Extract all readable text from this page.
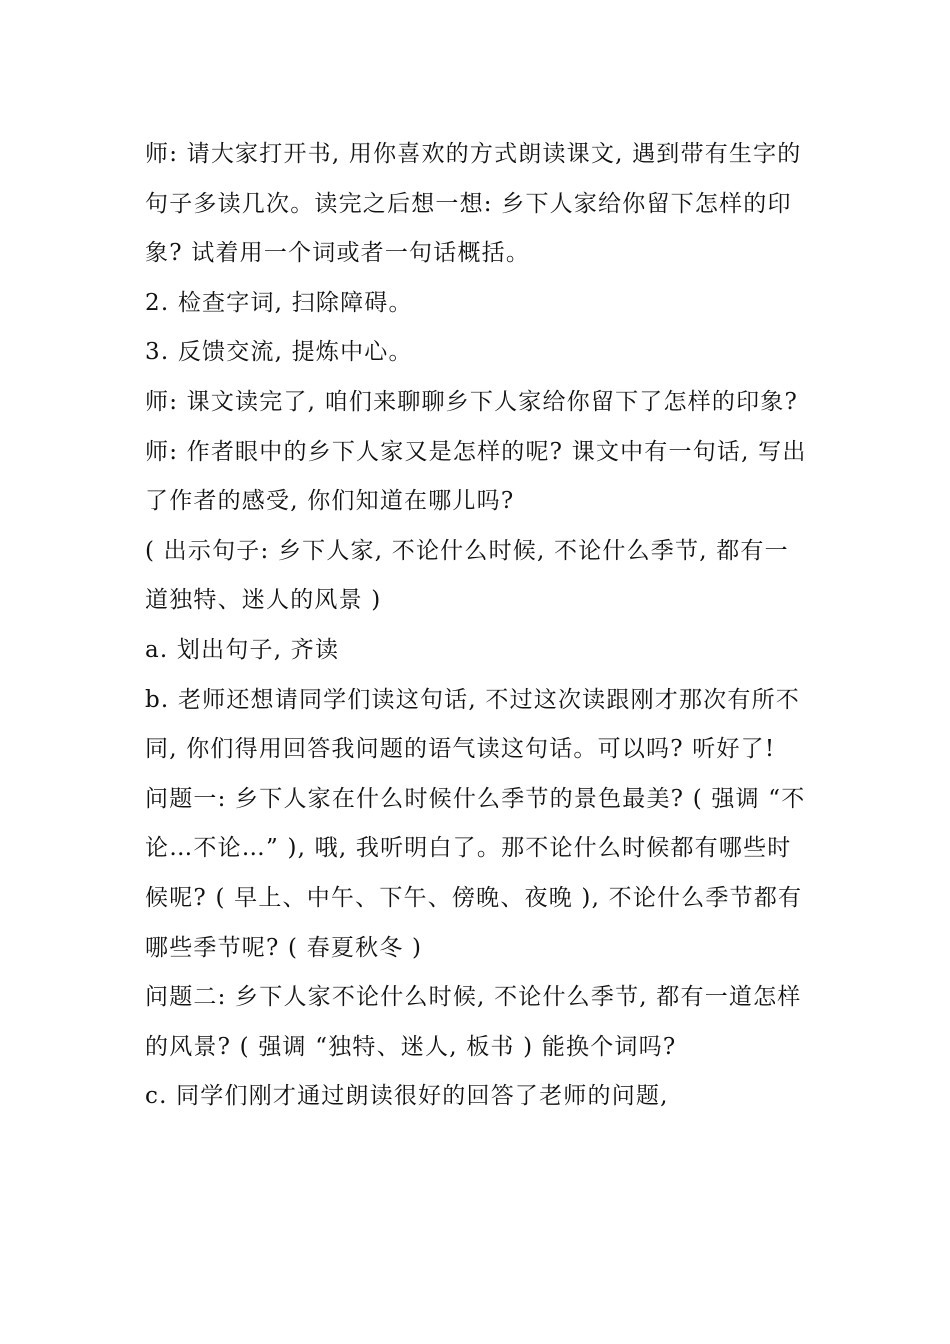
师: 请大家打开书, 用你喜欢的方式朗读课文, 遇到带有生字的句子多读几次。读完之后想一想: 乡下人家给你留下怎样的印象? 试着用一个词或者一句话概括。

2. 检查字词, 扫除障碍。

3. 反馈交流, 提炼中心。

师: 课文读完了, 咱们来聊聊乡下人家给你留下了怎样的印象?

师: 作者眼中的乡下人家又是怎样的呢? 课文中有一句话, 写出了作者的感受, 你们知道在哪儿吗?

( 出示句子: 乡下人家, 不论什么时候, 不论什么季节, 都有一道独特、迷人的风景 )

a. 划出句子, 齐读

b. 老师还想请同学们读这句话, 不过这次读跟刚才那次有所不同, 你们得用回答我问题的语气读这句话。可以吗? 听好了!

问题一: 乡下人家在什么时候什么季节的景色最美? ( 强调 “不论…不论…” ), 哦, 我听明白了。那不论什么时候都有哪些时候呢? ( 早上、中午、下午、傍晚、夜晚 ), 不论什么季节都有哪些季节呢? ( 春夏秋冬 )

问题二: 乡下人家不论什么时候, 不论什么季节, 都有一道怎样的风景? ( 强调 “独特、迷人, 板书 ) 能换个词吗?

c. 同学们刚才通过朗读很好的回答了老师的问题,
